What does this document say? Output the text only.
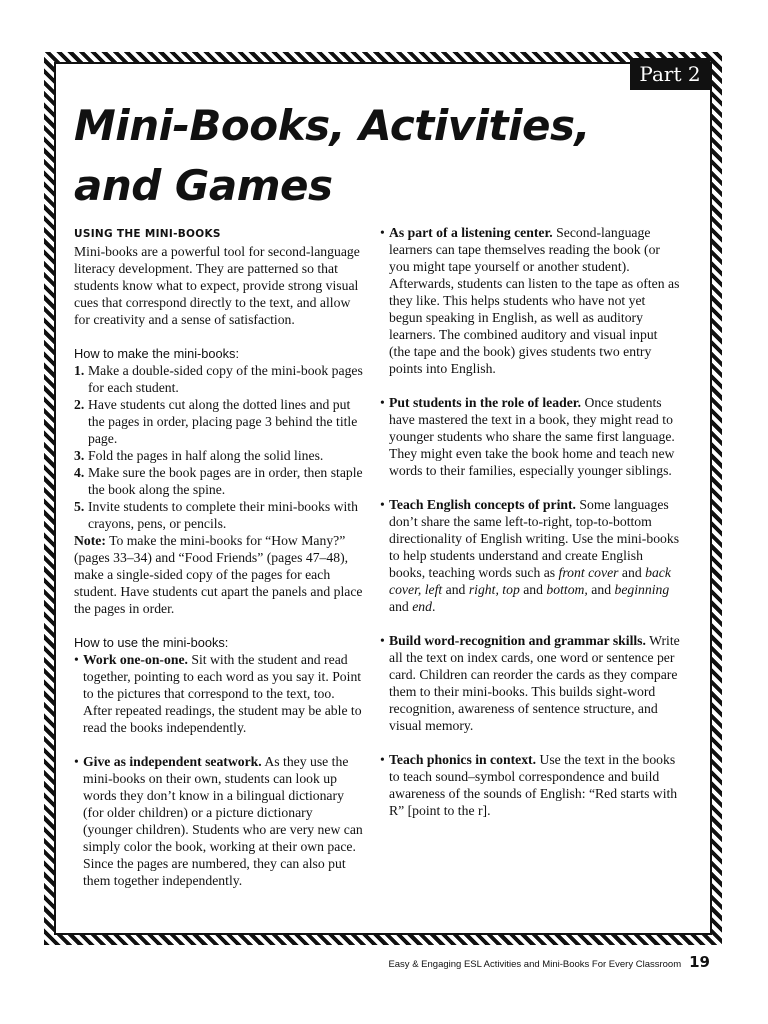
Part 2
Mini-Books, Activities,
and Games
USING THE MINI-BOOKS

Mini-books are a powerful tool for second-language literacy development. They are patterned so that students know what to expect, provide strong visual cues that correspond directly to the text, and allow for creativity and a sense of satisfaction.

How to make the mini-books:
1. Make a double-sided copy of the mini-book pages for each student.
2. Have students cut along the dotted lines and put the pages in order, placing page 3 behind the title page.
3. Fold the pages in half along the solid lines.
4. Make sure the book pages are in order, then staple the book along the spine.
5. Invite students to complete their mini-books with crayons, pens, or pencils.

Note: To make the mini-books for “How Many?” (pages 33–34) and “Food Friends” (pages 47–48), make a single-sided copy of the pages for each student. Have students cut apart the panels and place the pages in order.

How to use the mini-books:
• Work one-on-one. Sit with the student and read together, pointing to each word as you say it. Point to the pictures that correspond to the text, too. After repeated readings, the student may be able to read the books independently.
• Give as independent seatwork. As they use the mini-books on their own, students can look up words they don’t know in a bilingual dictionary (for older children) or a picture dictionary (younger children). Students who are very new can simply color the book, working at their own pace. Since the pages are numbered, they can also put them together independently.
• As part of a listening center. Second-language learners can tape themselves reading the book (or you might tape yourself or another student). Afterwards, students can listen to the tape as often as they like. This helps students who have not yet begun speaking in English, as well as auditory learners. The combined auditory and visual input (the tape and the book) gives students two entry points into English.
• Put students in the role of leader. Once students have mastered the text in a book, they might read to younger students who share the same first language. They might even take the book home and teach new words to their families, especially younger siblings.
• Teach English concepts of print. Some languages don’t share the same left-to-right, top-to-bottom directionality of English writing. Use the mini-books to help students understand and create English books, teaching words such as front cover and back cover, left and right, top and bottom, and beginning and end.
• Build word-recognition and grammar skills. Write all the text on index cards, one word or sentence per card. Children can reorder the cards as they compare them to their mini-books. This builds sight-word recognition, awareness of sentence structure, and visual memory.
• Teach phonics in context. Use the text in the books to teach sound–symbol correspondence and build awareness of the sounds of English: “Red starts with R” [point to the r].
Easy & Engaging ESL Activities and Mini-Books For Every Classroom 19
